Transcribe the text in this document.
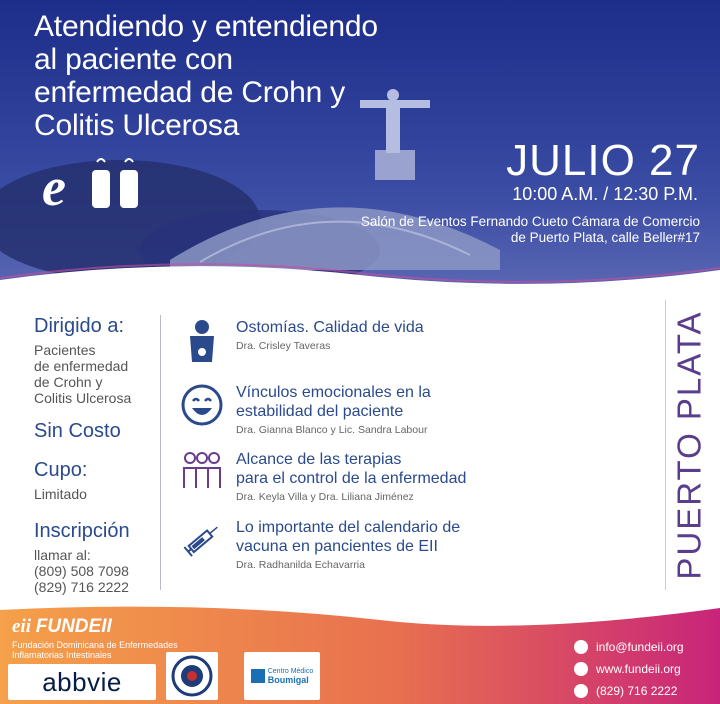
Atendiendo y entendiendo
al paciente con
enfermedad de Crohn y
Colitis Ulcerosa
e	JULIO 27
10:00 A.M. / 12:30 P.M.
Salón de Eventos Fernando Cueto Cámara de Comercio
de Puerto Plata, calle Beller#17
Dirigido a:
Pacientes
de enfermedad
de Crohn y
Colitis Ulcerosa
Sin Costo
Cupo:
Limitado
Inscripción
llamar al:
(809) 508 7098
(829) 716 2222
Ostomías. Calidad de vida
Dra. Crisley Taveras
Vínculos emocionales en la
estabilidad del paciente
Dra. Gianna Blanco y Lic. Sandra Labour
Alcance de las terapias
para el control de la enfermedad
Dra. Keyla Villa y Dra. Liliana Jiménez
Lo importante del calendario de
vacuna en pancientes de EII
Dra. Radhanilda Echavarria	PUERTO PLATA
eii FUNDEII
Fundación Dominicana de Enfermedades
Inflamatorias Intestinales
abbvie	Centro Médico
Boumigal
info@fundeii.org
www.fundeii.org
(829) 716 2222
